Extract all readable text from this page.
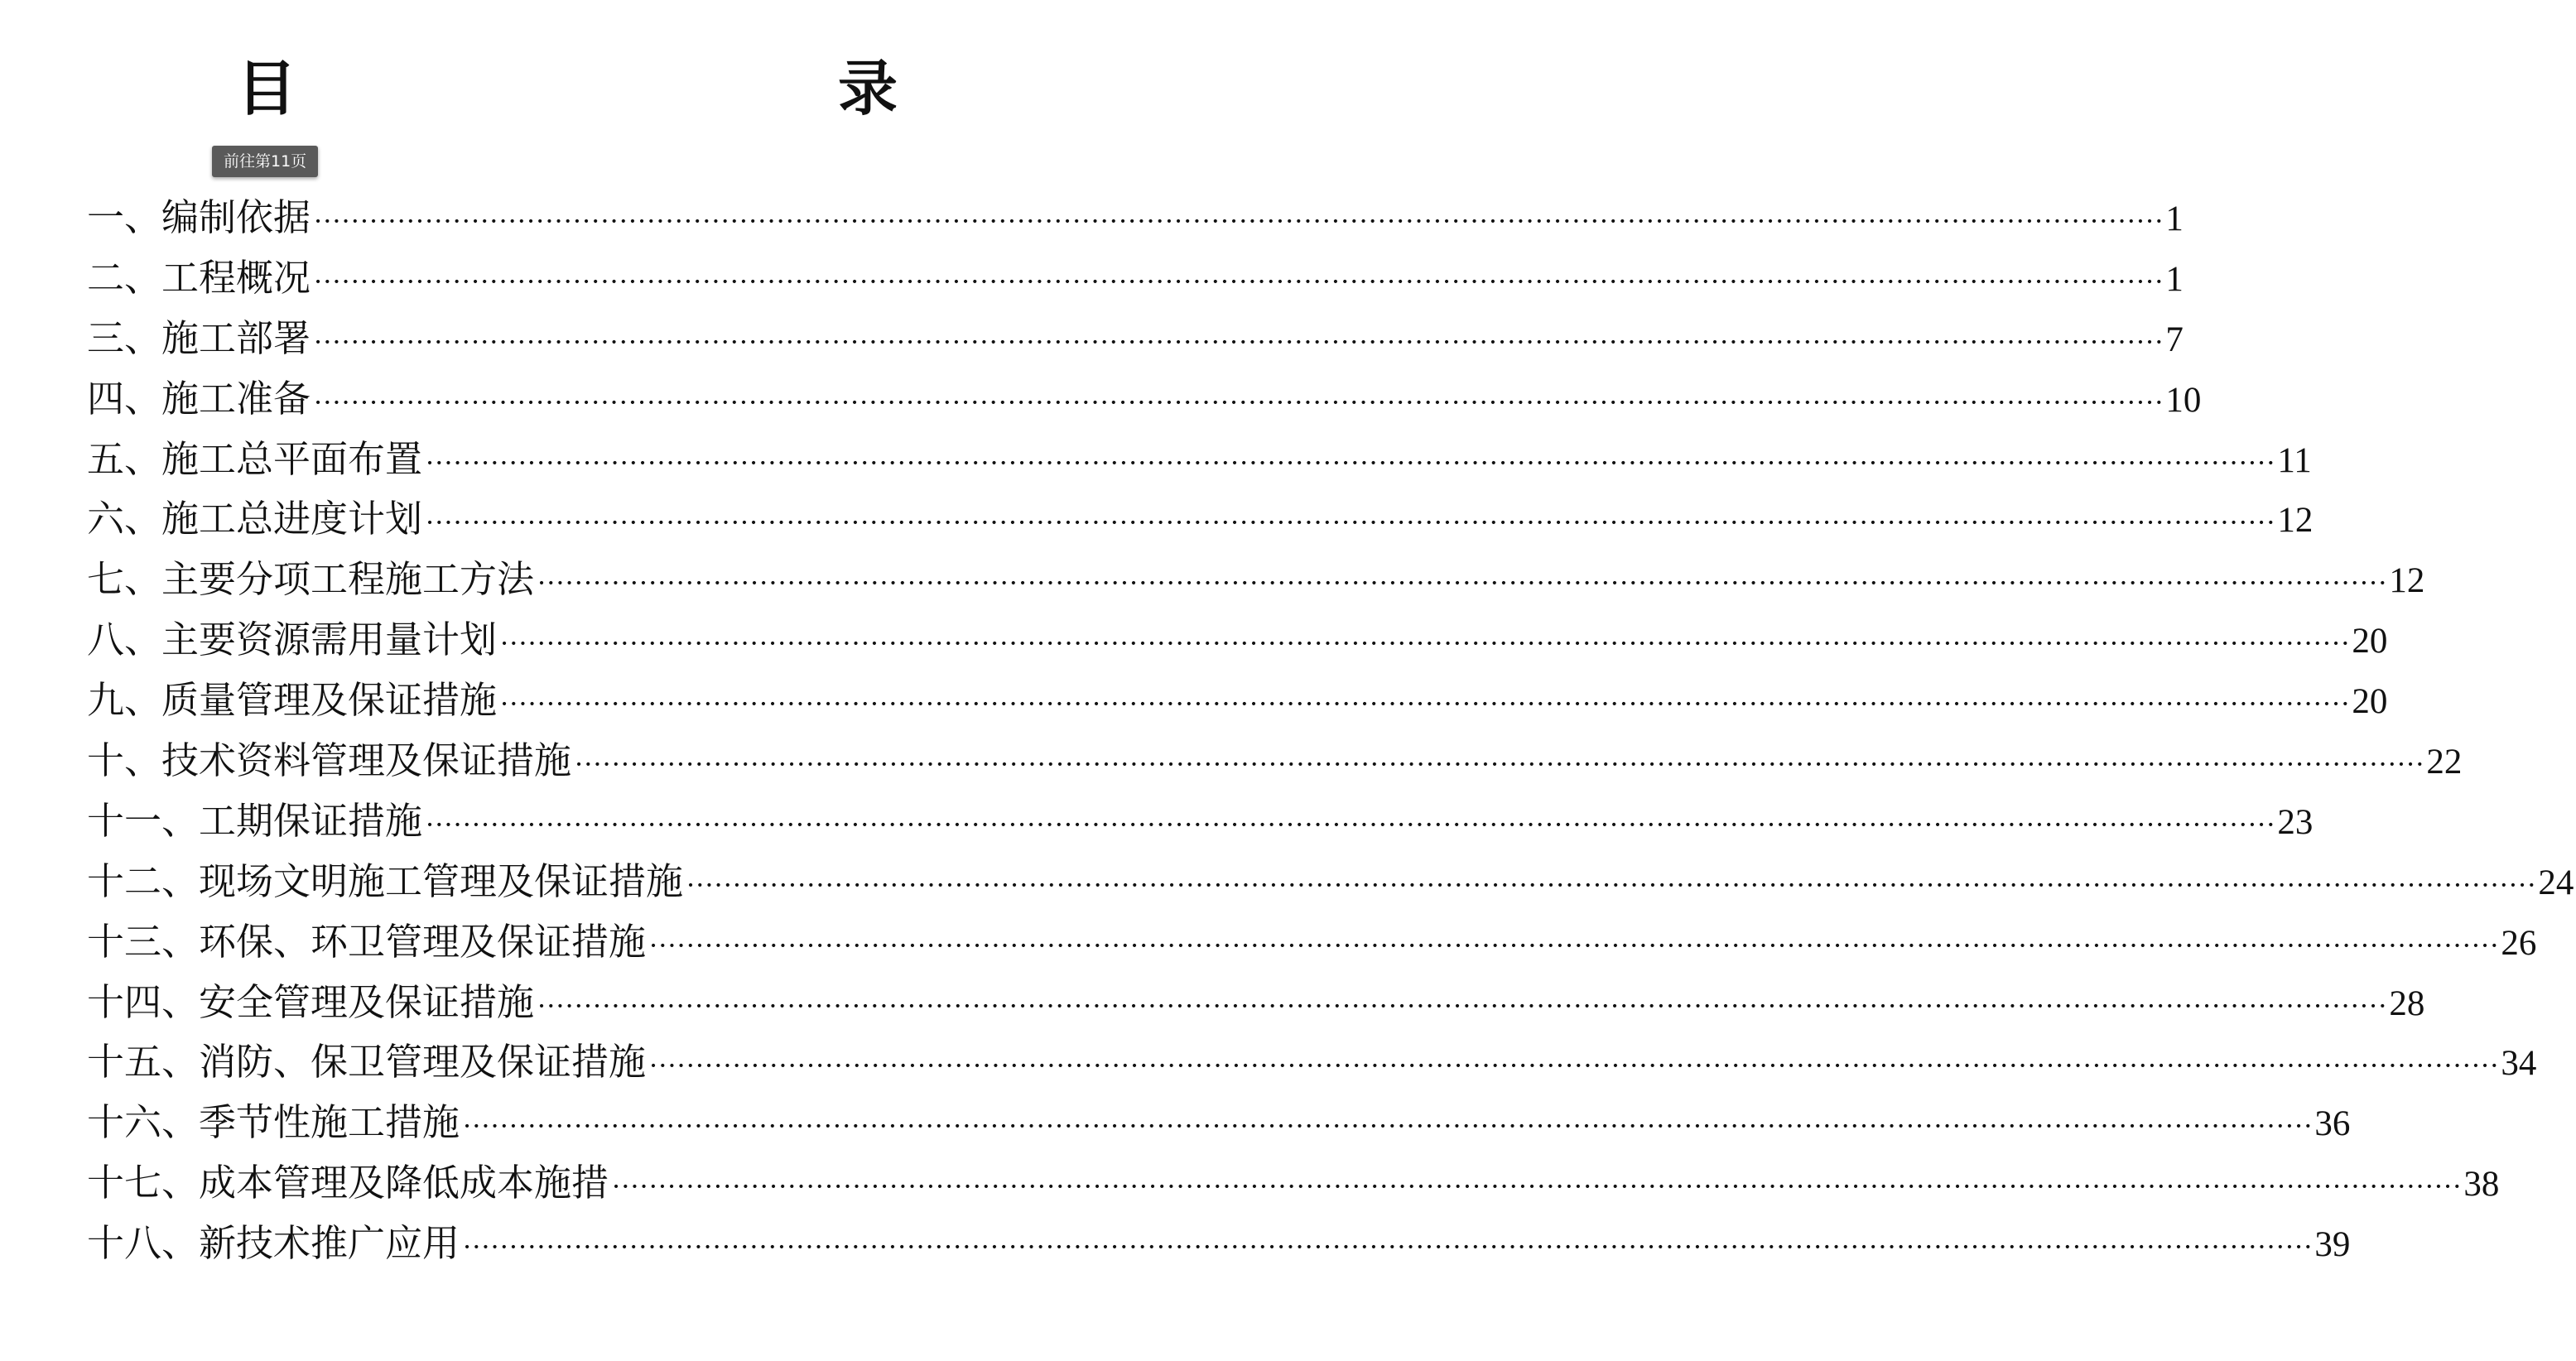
目　　录
前往第11页
一、编制依据 ········································································································································································································ 1
二、工程概况 ········································································································································································································ 1
三、施工部署 ········································································································································································································ 7
四、施工准备 ········································································································································································································ 10
五、施工总平面布置 ········································································································································································································ 11
六、施工总进度计划 ········································································································································································································ 12
七、主要分项工程施工方法 ········································································································································································································ 12
八、主要资源需用量计划 ········································································································································································································ 20
九、质量管理及保证措施 ········································································································································································································ 20
十、技术资料管理及保证措施 ········································································································································································································ 22
十一、工期保证措施 ········································································································································································································ 23
十二、现场文明施工管理及保证措施 ········································································································································································································ 24
十三、环保、环卫管理及保证措施 ········································································································································································································ 26
十四、安全管理及保证措施 ········································································································································································································ 28
十五、消防、保卫管理及保证措施 ········································································································································································································ 34
十六、季节性施工措施 ········································································································································································································ 36
十七、成本管理及降低成本施措 ········································································································································································································ 38
十八、新技术推广应用 ········································································································································································································ 39
